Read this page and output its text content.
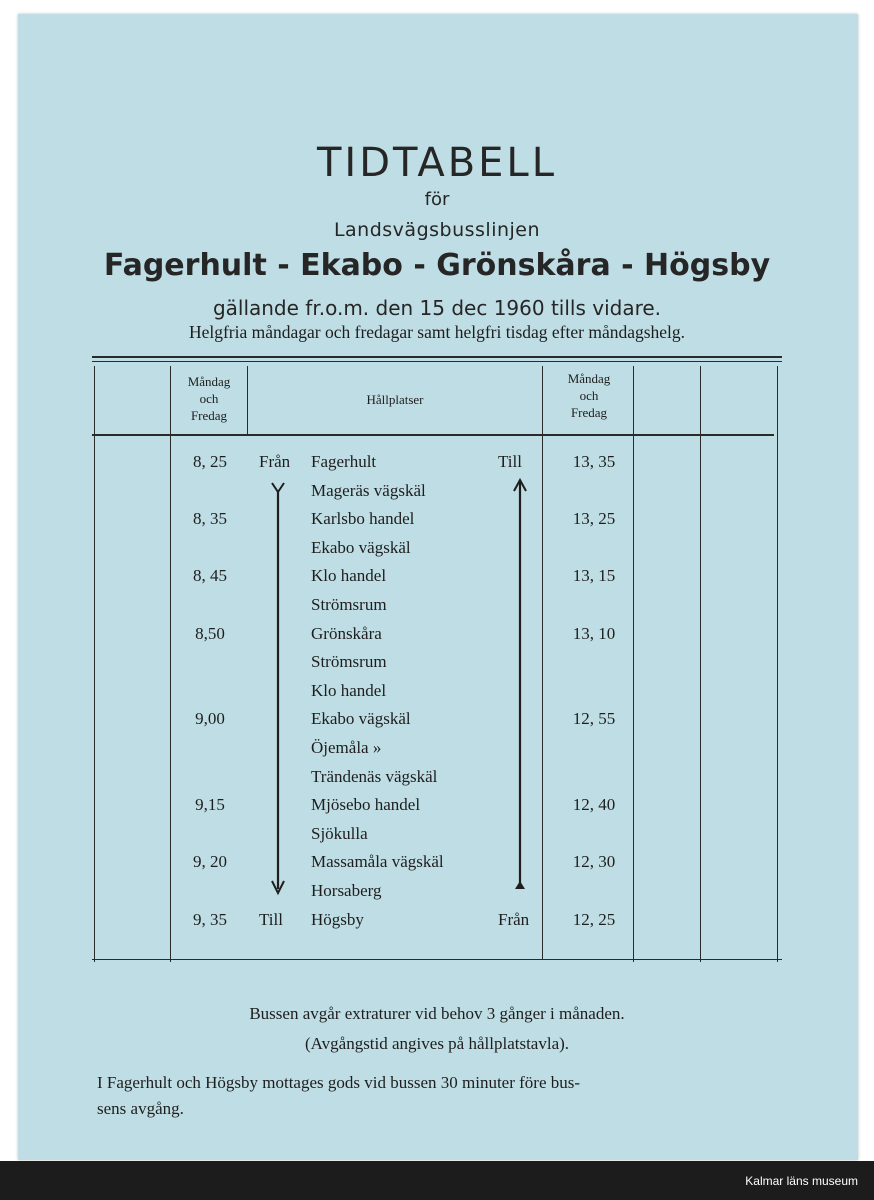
TIDTABELL
för
Landsvägsbusslinjen
Fagerhult - Ekabo - Grönskåra - Högsby
gällande fr.o.m. den 15 dec 1960 tills vidare.
Helgfria måndagar och fredagar samt helgfri tisdag efter måndagshelg.
Måndag
och
Fredag
Hållplatser
Måndag
och
Fredag
8, 25	Från Fagerhult	Till	13, 35
Mageräs vägskäl
8, 35	Karlsbo handel	13, 25
Ekabo vägskäl
8, 45	Klo handel	13, 15
Strömsrum
8,50	Grönskåra	13, 10
Strömsrum
Klo handel
9,00	Ekabo vägskäl	12, 55
Öjemåla »
Trändenäs vägskäl
9,15	Mjösebo handel	12, 40
Sjökulla
9, 20	Massamåla vägskäl	12, 30
Horsaberg
9, 35	Till Högsby	Från	12, 25
Bussen avgår extraturer vid behov 3 gånger i månaden.
(Avgångstid angives på hållplatstavla).
I Fagerhult och Högsby mottages gods vid bussen 30 minuter före bus-
sens avgång.
Kalmar läns museum
